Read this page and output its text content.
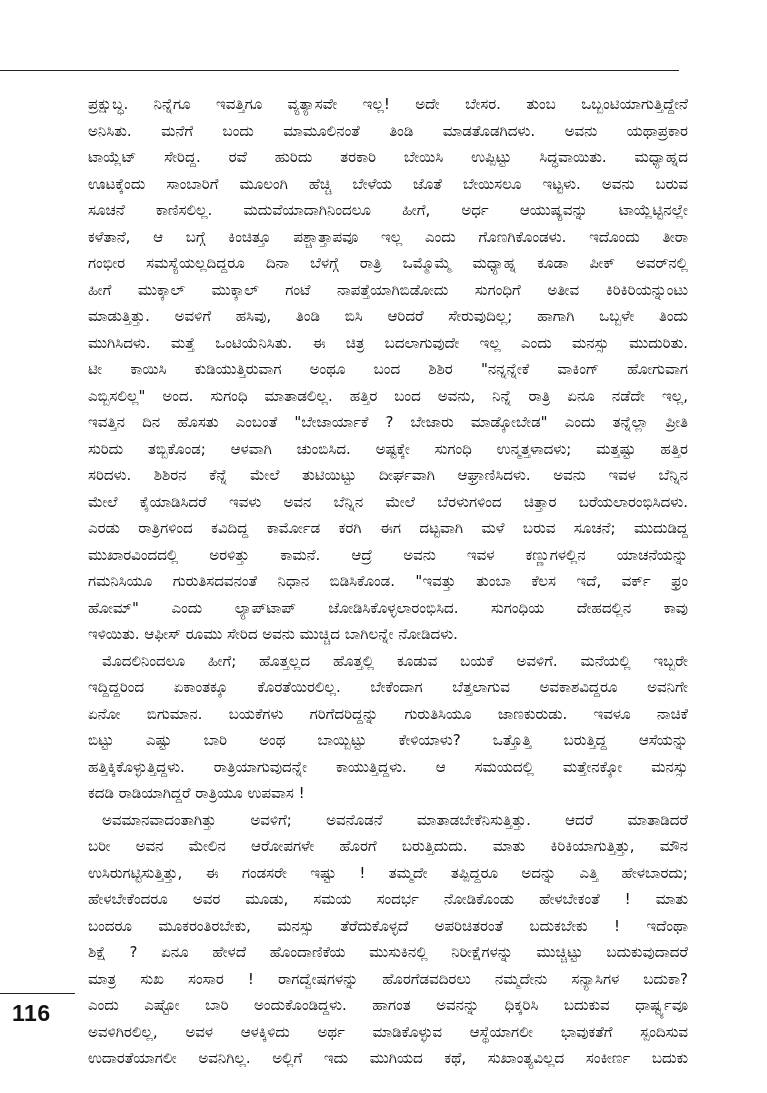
ಪ್ರಕ್ಷುಬ್ಧ. ನಿನ್ನೆಗೂ ಇವತ್ತಿಗೂ ವ್ಯತ್ಯಾಸವೇ ಇಲ್ಲ! ಅದೇ ಬೇಸರ. ತುಂಬ ಒಬ್ಬಂಟಿಯಾಗುತ್ತಿದ್ದೇನೆ
ಅನಿಸಿತು. ಮನೆಗೆ ಬಂದು ಮಾಮೂಲಿನಂತೆ ತಿಂಡಿ ಮಾಡತೊಡಗಿದಳು. ಅವನು ಯಥಾಪ್ರಕಾರ
ಟಾಯ್ಲೆಟ್ ಸೇರಿದ್ದ. ರವೆ ಹುರಿದು ತರಕಾರಿ ಬೇಯಿಸಿ ಉಪ್ಪಿಟ್ಟು ಸಿದ್ಧವಾಯಿತು. ಮಧ್ಯಾಹ್ನದ
ಊಟಕ್ಕೆಂದು ಸಾಂಬಾರಿಗೆ ಮೂಲಂಗಿ ಹೆಚ್ಚಿ ಬೇಳೆಯ ಜೊತೆ ಬೇಯಿಸಲೂ ಇಟ್ಟಳು. ಅವನು ಬರುವ
ಸೂಚನೆ ಕಾಣಿಸಲಿಲ್ಲ. ಮದುವೆಯಾದಾಗಿನಿಂದಲೂ ಹೀಗೆ, ಅರ್ಧ ಆಯುಷ್ಯವನ್ನು ಟಾಯ್ಲೆಟ್ಟಿನಲ್ಲೇ
ಕಳೆತಾನೆ, ಆ ಬಗ್ಗೆ ಕಿಂಚಿತ್ತೂ ಪಶ್ಚಾತ್ತಾಪವೂ ಇಲ್ಲ ಎಂದು ಗೊಣಗಿಕೊಂಡಳು. ಇದೊಂದು ತೀರಾ
ಗಂಭೀರ ಸಮಸ್ಯೆಯಲ್ಲದಿದ್ದರೂ ದಿನಾ ಬೆಳಗ್ಗೆ ರಾತ್ರಿ ಒಮ್ಮೊಮ್ಮೆ ಮಧ್ಯಾಹ್ನ ಕೂಡಾ ಪೀಕ್ ಅವರ್‌ನಲ್ಲಿ
ಹೀಗೆ ಮುಕ್ಕಾಲ್ ಮುಕ್ಕಾಲ್ ಗಂಟೆ ನಾಪತ್ತೆಯಾಗಿಬಿಡೋದು ಸುಗಂಧಿಗೆ ಅತೀವ ಕಿರಿಕಿರಿಯನ್ನುಂಟು
ಮಾಡುತ್ತಿತ್ತು. ಅವಳಿಗೆ ಹಸಿವು, ತಿಂಡಿ ಬಿಸಿ ಆರಿದರೆ ಸೇರುವುದಿಲ್ಲ; ಹಾಗಾಗಿ ಒಬ್ಬಳೇ ತಿಂದು
ಮುಗಿಸಿದಳು. ಮತ್ತೆ ಒಂಟಿಯೆನಿಸಿತು. ಈ ಚಿತ್ರ ಬದಲಾಗುವುದೇ ಇಲ್ಲ ಎಂದು ಮನಸ್ಸು ಮುದುರಿತು.
ಟೀ ಕಾಯಿಸಿ ಕುಡಿಯುತ್ತಿರುವಾಗ ಅಂಥೂ ಬಂದ ಶಿಶಿರ "ನನ್ನನ್ನೇಕೆ ವಾಕಿಂಗ್ ಹೋಗುವಾಗ
ಎಬ್ಬಿಸಲಿಲ್ಲ" ಅಂದ. ಸುಗಂಧಿ ಮಾತಾಡಲಿಲ್ಲ. ಹತ್ತಿರ ಬಂದ ಅವನು, ನಿನ್ನೆ ರಾತ್ರಿ ಏನೂ ನಡೆದೇ ಇಲ್ಲ,
ಇವತ್ತಿನ ದಿನ ಹೊಸತು ಎಂಬಂತೆ "ಬೇಜಾರ್ಯಾಕೆ ? ಬೇಜಾರು ಮಾಡ್ಕೋಬೇಡ" ಎಂದು ತನ್ನೆಲ್ಲಾ ಪ್ರೀತಿ
ಸುರಿದು ತಬ್ಬಿಕೊಂಡ; ಆಳವಾಗಿ ಚುಂಬಿಸಿದ. ಅಷ್ಟಕ್ಕೇ ಸುಗಂಧಿ ಉನ್ಮತ್ತಳಾದಳು; ಮತ್ತಷ್ಟು ಹತ್ತಿರ
ಸರಿದಳು. ಶಿಶಿರನ ಕೆನ್ನೆ ಮೇಲೆ ತುಟಿಯಿಟ್ಟು ದೀರ್ಘವಾಗಿ ಆಘ್ರಾಣಿಸಿದಳು. ಅವನು ಇವಳ ಬೆನ್ನಿನ
ಮೇಲೆ ಕೈಯಾಡಿಸಿದರೆ ಇವಳು ಅವನ ಬೆನ್ನಿನ ಮೇಲೆ ಬೆರಳುಗಳಿಂದ ಚಿತ್ತಾರ ಬರೆಯಲಾರಂಭಿಸಿದಳು.
ಎರಡು ರಾತ್ರಿಗಳಿಂದ ಕವಿದಿದ್ದ ಕಾರ್ಮೋಡ ಕರಗಿ ಈಗ ದಟ್ಟವಾಗಿ ಮಳೆ ಬರುವ ಸೂಚನೆ; ಮುದುಡಿದ್ದ
ಮುಖಾರವಿಂದದಲ್ಲಿ ಅರಳಿತ್ತು ಕಾಮನೆ. ಆದ್ರೆ ಅವನು ಇವಳ ಕಣ್ಣುಗಳಲ್ಲಿನ ಯಾಚನೆಯನ್ನು
ಗಮನಿಸಿಯೂ ಗುರುತಿಸದವನಂತೆ ನಿಧಾನ ಬಿಡಿಸಿಕೊಂಡ. "ಇವತ್ತು ತುಂಬಾ ಕೆಲಸ ಇದೆ, ವರ್ಕ್ ಫ್ರಂ
ಹೋಮ್" ಎಂದು ಲ್ಯಾಪ್‌ಟಾಪ್ ಜೋಡಿಸಿಕೊಳ್ಳಲಾರಂಭಿಸಿದ. ಸುಗಂಧಿಯ ದೇಹದಲ್ಲಿನ ಕಾವು
ಇಳಿಯಿತು. ಆಫೀಸ್ ರೂಮು ಸೇರಿದ ಅವನು ಮುಚ್ಚಿದ ಬಾಗಿಲನ್ನೇ ನೋಡಿದಳು.
ಮೊದಲಿನಿಂದಲೂ ಹೀಗೆ; ಹೊತ್ತಲ್ಲದ ಹೊತ್ತಲ್ಲಿ ಕೂಡುವ ಬಯಕೆ ಅವಳಿಗೆ. ಮನೆಯಲ್ಲಿ ಇಬ್ಬರೇ
ಇದ್ದಿದ್ದರಿಂದ ಏಕಾಂತಕ್ಕೂ ಕೊರತೆಯಿರಲಿಲ್ಲ. ಬೇಕೆಂದಾಗ ಬೆತ್ತಲಾಗುವ ಅವಕಾಶವಿದ್ದರೂ ಅವನಿಗೇ
ಏನೋ ಬಿಗುಮಾನ. ಬಯಕೆಗಳು ಗರಿಗೆದರಿದ್ದನ್ನು ಗುರುತಿಸಿಯೂ ಜಾಣಕುರುಡು. ಇವಳೂ ನಾಚಿಕೆ
ಬಿಟ್ಟು ಎಷ್ಟು ಬಾರಿ ಅಂಥ ಬಾಯ್ಬಿಟ್ಟು ಕೇಳಿಯಾಳು? ಒತ್ತೊತ್ತಿ ಬರುತ್ತಿದ್ದ ಆಸೆಯನ್ನು
ಹತ್ತಿಕ್ಕಿಕೊಳ್ಳುತ್ತಿದ್ದಳು. ರಾತ್ರಿಯಾಗುವುದನ್ನೇ ಕಾಯುತ್ತಿದ್ದಳು. ಆ ಸಮಯದಲ್ಲಿ ಮತ್ತೇನಕ್ಕೋ ಮನಸ್ಸು
ಕದಡಿ ರಾಡಿಯಾಗಿದ್ದರೆ ರಾತ್ರಿಯೂ ಉಪವಾಸ !
ಅವಮಾನವಾದಂತಾಗಿತ್ತು ಅವಳಿಗೆ; ಅವನೊಡನೆ ಮಾತಾಡಬೇಕೆನಿಸುತ್ತಿತ್ತು. ಆದರೆ ಮಾತಾಡಿದರೆ
ಬರೀ ಅವನ ಮೇಲಿನ ಆರೋಪಗಳೇ ಹೊರಗೆ ಬರುತ್ತಿದುದು. ಮಾತು ಕಿರಿಕಿಯಾಗುತ್ತಿತ್ತು, ಮೌನ
ಉಸಿರುಗಟ್ಟಿಸುತ್ತಿತ್ತು, ಈ ಗಂಡಸರೇ ಇಷ್ಟು ! ತಮ್ಮದೇ ತಪ್ಪಿದ್ದರೂ ಅದನ್ನು ಎತ್ತಿ ಹೇಳಬಾರದು;
ಹೇಳಬೇಕೆಂದರೂ ಅವರ ಮೂಡು, ಸಮಯ ಸಂದರ್ಭ ನೋಡಿಕೊಂಡು ಹೇಳಬೇಕಂತೆ ! ಮಾತು
ಬಂದರೂ ಮೂಕರಂತಿರಬೇಕು, ಮನಸ್ಸು ತೆರೆದುಕೊಳ್ಳದೆ ಅಪರಿಚಿತರಂತೆ ಬದುಕಬೇಕು ! ಇದೆಂಥಾ
ಶಿಕ್ಷೆ ? ಏನೂ ಹೇಳದೆ ಹೊಂದಾಣಿಕೆಯ ಮುಸುಕಿನಲ್ಲಿ ನಿರೀಕ್ಷೆಗಳನ್ನು ಮುಚ್ಚಿಟ್ಟು ಬದುಕುವುದಾದರೆ
ಮಾತ್ರ ಸುಖ ಸಂಸಾರ ! ರಾಗದ್ವೇಷಗಳನ್ನು ಹೊರಗೆಡವದಿರಲು ನಮ್ಮದೇನು ಸನ್ಯಾಸಿಗಳ ಬದುಕಾ?
ಎಂದು ಎಷ್ಟೋ ಬಾರಿ ಅಂದುಕೊಂಡಿದ್ದಳು. ಹಾಗಂತ ಅವನನ್ನು ಧಿಕ್ಕರಿಸಿ ಬದುಕುವ ಧಾರ್ಷ್ಟ್ಯವೂ
ಅವಳಿಗಿರಲಿಲ್ಲ, ಅವಳ ಆಳಕ್ಕಿಳಿದು ಅರ್ಥ ಮಾಡಿಕೊಳ್ಳುವ ಆಸ್ಥೆಯಾಗಲೀ ಭಾವುಕತೆಗೆ ಸ್ಪಂದಿಸುವ
ಉದಾರತೆಯಾಗಲೀ ಅವನಿಗಿಲ್ಲ. ಅಲ್ಲಿಗೆ ಇದು ಮುಗಿಯದ ಕಥೆ, ಸುಖಾಂತ್ಯವಿಲ್ಲದ ಸಂಕೀರ್ಣ ಬದುಕು
116
